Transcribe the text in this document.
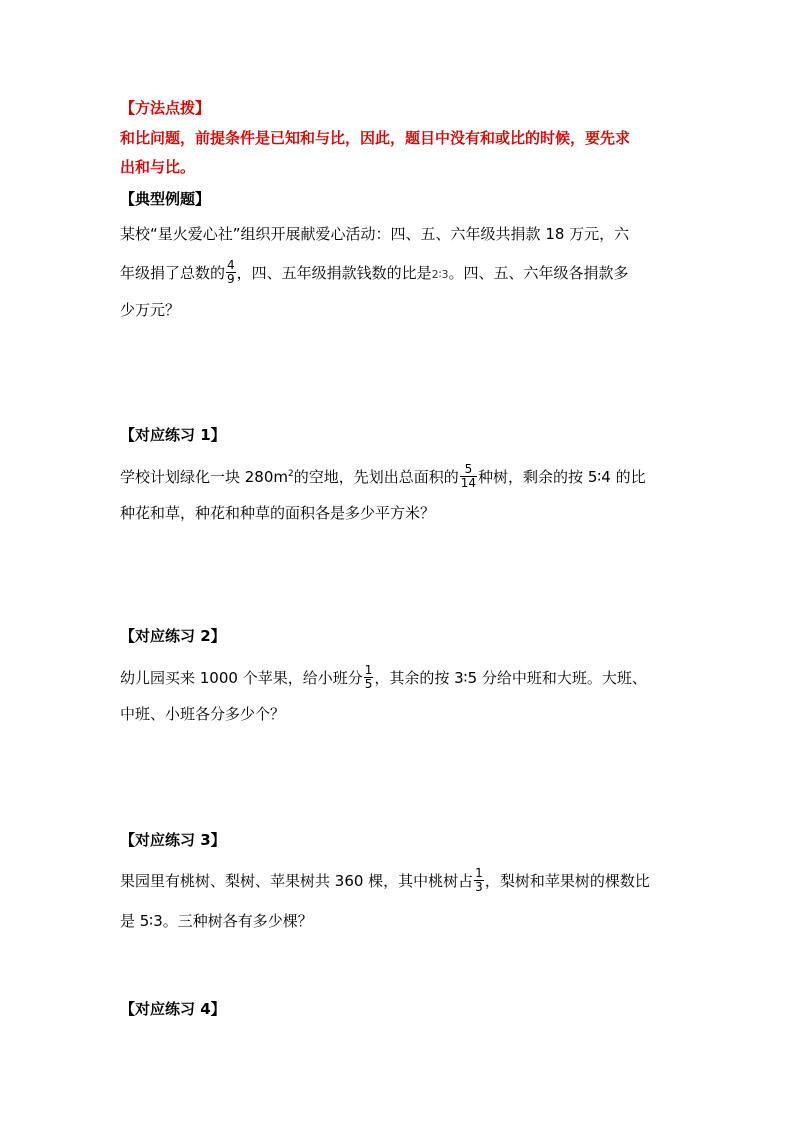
【方法点拨】
和比问题，前提条件是已知和与比，因此，题目中没有和或比的时候，要先求
出和与比。
【典型例题】
某校“星火爱心社”组织开展献爱心活动：四、五、六年级共捐款 18 万元，六
年级捐了总数的 $\frac{4}{9}$ ，四、五年级捐款钱数的比是2∶3。四、五、六年级各捐款多
少万元？
【对应练习 1】
学校计划绿化一块 $280m^2$的空地，先划出总面积的 $\frac{5}{14}$ 种树，剩余的按 5∶4 的比
种花和草，种花和种草的面积各是多少平方米？
【对应练习 2】
幼儿园买来 1000 个苹果，给小班分 $\frac{1}{5}$ ，其余的按 3∶5 分给中班和大班。大班、
中班、小班各分多少个？
【对应练习 3】
果园里有桃树、梨树、苹果树共 360 棵，其中桃树占 $\frac{1}{3}$ ，梨树和苹果树的棵数比
是 5∶3。三种树各有多少棵？
【对应练习 4】
